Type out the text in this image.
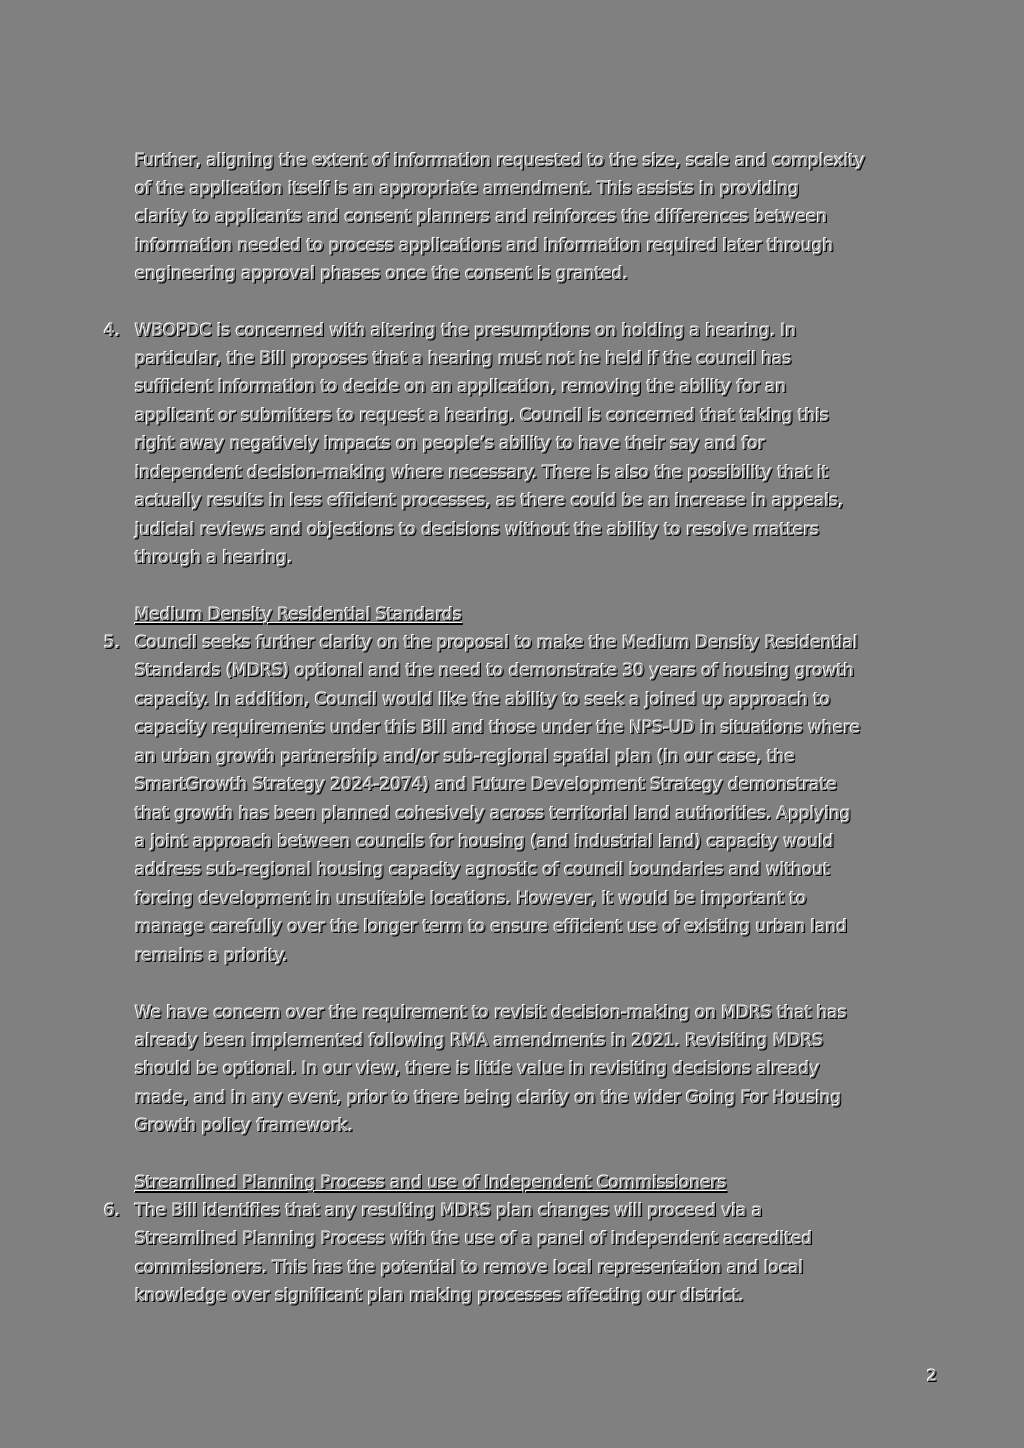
Further, aligning the extent of information requested to the size, scale and complexity
of the application itself is an appropriate amendment. This assists in providing
clarity to applicants and consent planners and reinforces the differences between
information needed to process applications and information required later through
engineering approval phases once the consent is granted.
4. WBOPDC is concerned with altering the presumptions on holding a hearing. In
particular, the Bill proposes that a hearing must not he held if the council has
sufficient information to decide on an application, removing the ability for an
applicant or submitters to request a hearing. Council is concerned that taking this
right away negatively impacts on people’s ability to have their say and for
independent decision-making where necessary. There is also the possibility that it
actually results in less efficient processes, as there could be an increase in appeals,
judicial reviews and objections to decisions without the ability to resolve matters
through a hearing.
Medium Density Residential Standards
5. Council seeks further clarity on the proposal to make the Medium Density Residential
Standards (MDRS) optional and the need to demonstrate 30 years of housing growth
capacity. In addition, Council would like the ability to seek a joined up approach to
capacity requirements under this Bill and those under the NPS-UD in situations where
an urban growth partnership and/or sub-regional spatial plan (in our case, the
SmartGrowth Strategy 2024-2074) and Future Development Strategy demonstrate
that growth has been planned cohesively across territorial land authorities. Applying
a joint approach between councils for housing (and industrial land) capacity would
address sub-regional housing capacity agnostic of council boundaries and without
forcing development in unsuitable locations. However, it would be important to
manage carefully over the longer term to ensure efficient use of existing urban land
remains a priority.
We have concern over the requirement to revisit decision-making on MDRS that has
already been implemented following RMA amendments in 2021. Revisiting MDRS
should be optional. In our view, there is little value in revisiting decisions already
made, and in any event, prior to there being clarity on the wider Going For Housing
Growth policy framework.
Streamlined Planning Process and use of Independent Commissioners
6. The Bill identifies that any resulting MDRS plan changes will proceed via a
Streamlined Planning Process with the use of a panel of independent accredited
commissioners. This has the potential to remove local representation and local
knowledge over significant plan making processes affecting our district.
2
